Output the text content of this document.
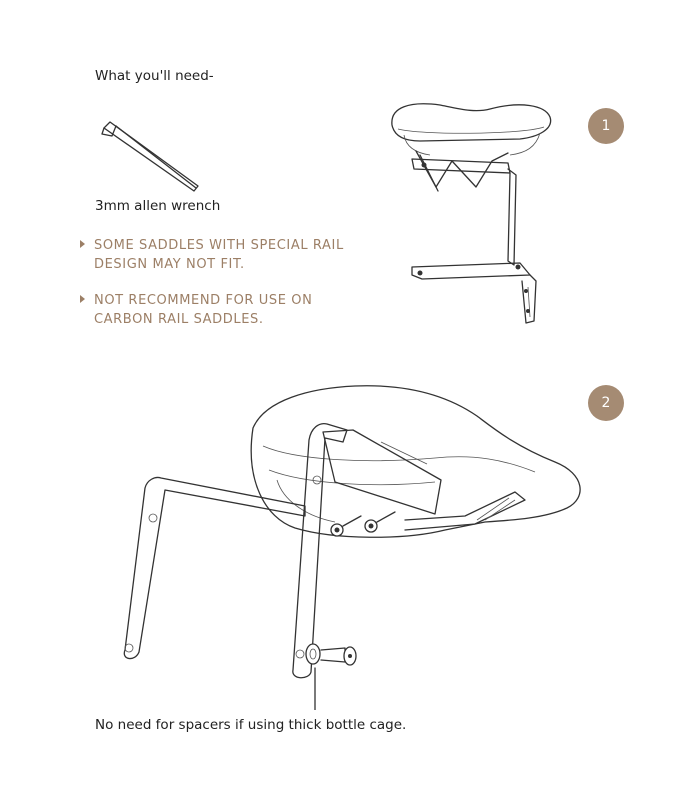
What you'll need-
3mm allen wrench
SOME SADDLES WITH SPECIAL RAIL DESIGN MAY NOT FIT.
NOT RECOMMEND FOR USE ON CARBON RAIL SADDLES.
1
2
No need for spacers if using thick bottle cage.
